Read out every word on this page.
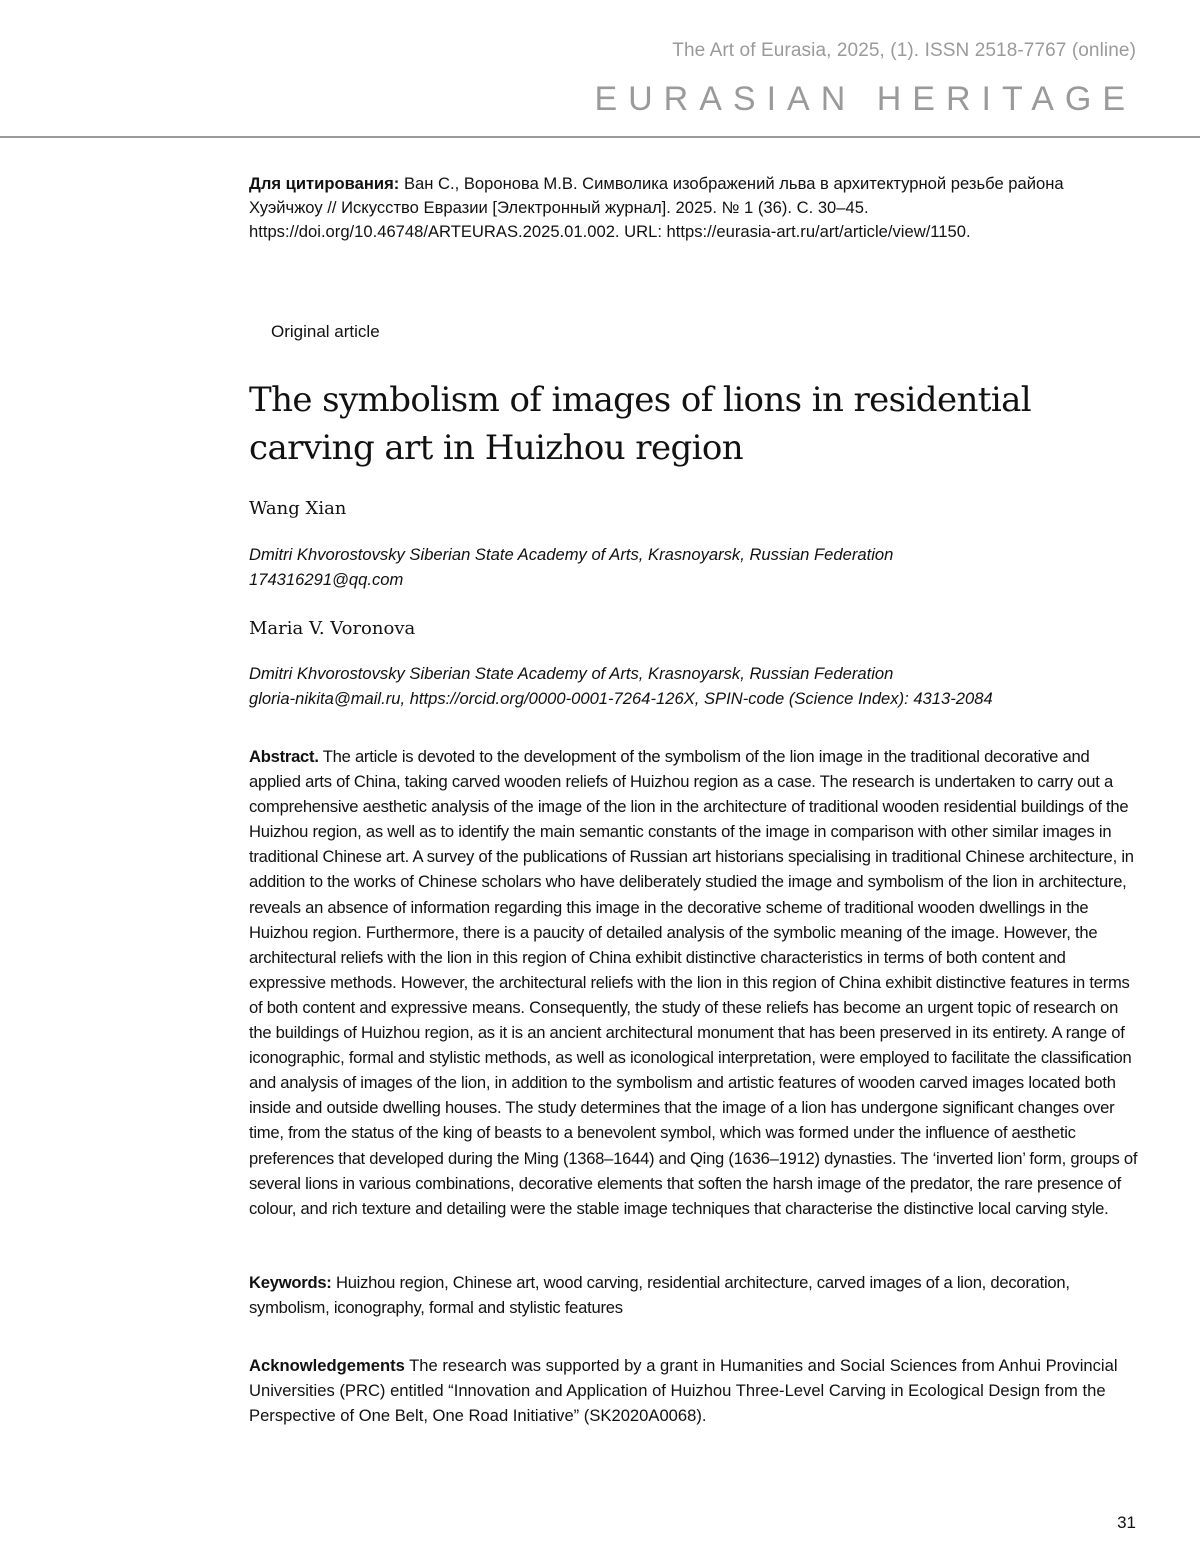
The Art of Eurasia, 2025, (1). ISSN 2518-7767 (online)
EURASIAN HERITAGE
Для цитирования: Ван С., Воронова М.В. Символика изображений льва в архитектурной резьбе района Хуэйчжоу // Искусство Евразии [Электронный журнал]. 2025. № 1 (36). С. 30–45. https://doi.org/10.46748/ARTEURAS.2025.01.002. URL: https://eurasia-art.ru/art/article/view/1150.
Original article
The symbolism of images of lions in residential carving art in Huizhou region
Wang Xian
Dmitri Khvorostovsky Siberian State Academy of Arts, Krasnoyarsk, Russian Federation
174316291@qq.com
Maria V. Voronova
Dmitri Khvorostovsky Siberian State Academy of Arts, Krasnoyarsk, Russian Federation
gloria-nikita@mail.ru, https://orcid.org/0000-0001-7264-126X, SPIN-code (Science Index): 4313-2084
Abstract. The article is devoted to the development of the symbolism of the lion image in the traditional decorative and applied arts of China, taking carved wooden reliefs of Huizhou region as a case. The research is undertaken to carry out a comprehensive aesthetic analysis of the image of the lion in the architecture of traditional wooden residential buildings of the Huizhou region, as well as to identify the main semantic constants of the image in comparison with other similar images in traditional Chinese art. A survey of the publications of Russian art historians specialising in traditional Chinese architecture, in addition to the works of Chinese scholars who have deliberately studied the image and symbolism of the lion in architecture, reveals an absence of information regarding this image in the decorative scheme of traditional wooden dwellings in the Huizhou region. Furthermore, there is a paucity of detailed analysis of the symbolic meaning of the image. However, the architectural reliefs with the lion in this region of China exhibit distinctive characteristics in terms of both content and expressive methods. However, the architectural reliefs with the lion in this region of China exhibit distinctive features in terms of both content and expressive means. Consequently, the study of these reliefs has become an urgent topic of research on the buildings of Huizhou region, as it is an ancient architectural monument that has been preserved in its entirety. A range of iconographic, formal and stylistic methods, as well as iconological interpretation, were employed to facilitate the classification and analysis of images of the lion, in addition to the symbolism and artistic features of wooden carved images located both inside and outside dwelling houses. The study determines that the image of a lion has undergone significant changes over time, from the status of the king of beasts to a benevolent symbol, which was formed under the influence of aesthetic preferences that developed during the Ming (1368–1644) and Qing (1636–1912) dynasties. The ‘inverted lion’ form, groups of several lions in various combinations, decorative elements that soften the harsh image of the predator, the rare presence of colour, and rich texture and detailing were the stable image techniques that characterise the distinctive local carving style.
Keywords: Huizhou region, Chinese art, wood carving, residential architecture, carved images of a lion, decoration, symbolism, iconography, formal and stylistic features
Acknowledgements The research was supported by a grant in Humanities and Social Sciences from Anhui Provincial Universities (PRC) entitled “Innovation and Application of Huizhou Three-Level Carving in Ecological Design from the Perspective of One Belt, One Road Initiative” (SK2020A0068).
31
